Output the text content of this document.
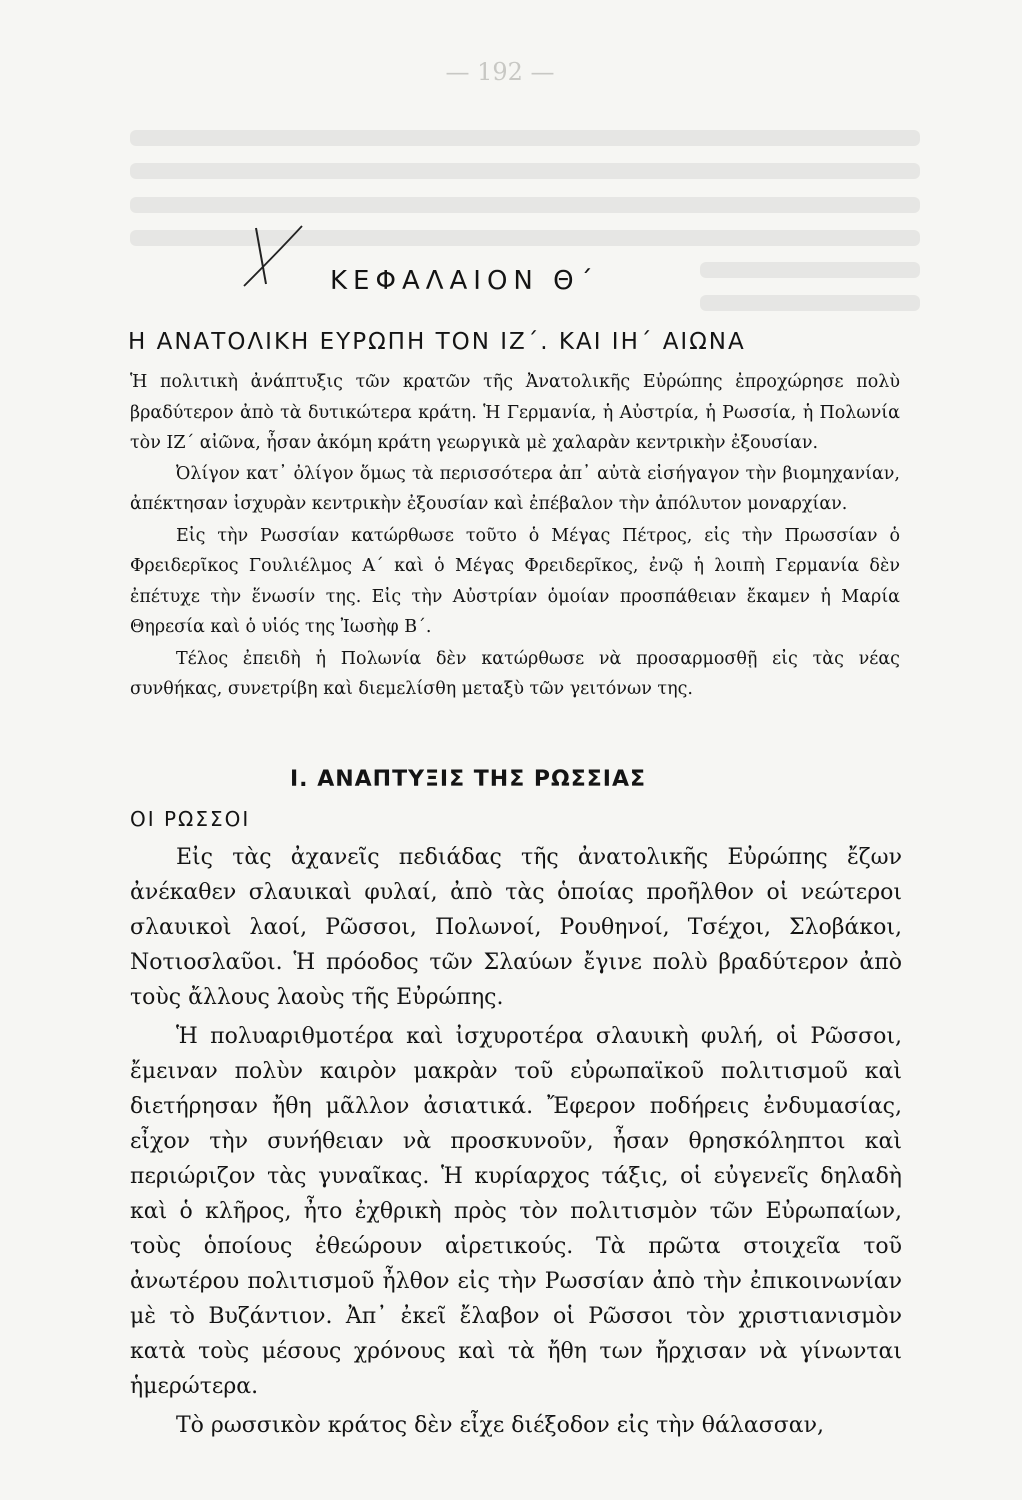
— 192 —
ΚΕΦΑΛΑΙΟΝ Θ΄
Η ΑΝΑΤΟΛΙΚΗ ΕΥΡΩΠΗ ΤΟΝ ΙΖ΄. ΚΑΙ ΙΗ΄ ΑΙΩΝΑ

Ἡ πολιτικὴ ἀνάπτυξις τῶν κρατῶν τῆς Ἀνατολικῆς Εὐρώπης ἐπροχώρησε πολὺ βραδύτερον ἀπὸ τὰ δυτικώτερα κράτη. Ἡ Γερμανία, ἡ Αὐστρία, ἡ Ρωσσία, ἡ Πολωνία τὸν ΙΖ΄ αἰῶνα, ἦσαν ἀκόμη κράτη γεωργικὰ μὲ χαλαρὰν κεντρικὴν ἐξουσίαν.

Ὀλίγον κατ᾿ ὀλίγον ὅμως τὰ περισσότερα ἀπ᾿ αὐτὰ εἰσήγαγον τὴν βιομηχανίαν, ἀπέκτησαν ἰσχυρὰν κεντρικὴν ἐξουσίαν καὶ ἐπέβαλον τὴν ἀπόλυτον μοναρχίαν.

Εἰς τὴν Ρωσσίαν κατώρθωσε τοῦτο ὁ Μέγας Πέτρος, εἰς τὴν Πρωσσίαν ὁ Φρειδερῖκος Γουλιέλμος Α΄ καὶ ὁ Μέγας Φρειδερῖκος, ἐνῷ ἡ λοιπὴ Γερμανία δὲν ἐπέτυχε τὴν ἕνωσίν της. Εἰς τὴν Αὐστρίαν ὁμοίαν προσπάθειαν ἔκαμεν ἡ Μαρία Θηρεσία καὶ ὁ υἱός της Ἰωσὴφ Β΄.

Τέλος ἐπειδὴ ἡ Πολωνία δὲν κατώρθωσε νὰ προσαρμοσθῇ εἰς τὰς νέας συνθήκας, συνετρίβη καὶ διεμελίσθη μεταξὺ τῶν γειτόνων της.

Ι. ΑΝΑΠΤΥΞΙΣ ΤΗΣ ΡΩΣΣΙΑΣ
ΟΙ ΡΩΣΣΟΙ

Εἰς τὰς ἀχανεῖς πεδιάδας τῆς ἀνατολικῆς Εὐρώπης ἔζων ἀνέκαθεν σλαυικαὶ φυλαί, ἀπὸ τὰς ὁποίας προῆλθον οἱ νεώτεροι σλαυικοὶ λαοί, Ρῶσσοι, Πολωνοί, Ρουθηνοί, Τσέχοι, Σλοβάκοι, Νοτιοσλαῦοι. Ἡ πρόοδος τῶν Σλαύων ἔγινε πολὺ βραδύτερον ἀπὸ τοὺς ἄλλους λαοὺς τῆς Εὐρώπης.

Ἡ πολυαριθμοτέρα καὶ ἰσχυροτέρα σλαυικὴ φυλή, οἱ Ρῶσσοι, ἔμειναν πολὺν καιρὸν μακρὰν τοῦ εὐρωπαϊκοῦ πολιτισμοῦ καὶ διετήρησαν ἤθη μᾶλλον ἀσιατικά. Ἔφερον ποδήρεις ἐνδυμασίας, εἶχον τὴν συνήθειαν νὰ προσκυνοῦν, ἦσαν θρησκόληπτοι καὶ περιώριζον τὰς γυναῖκας. Ἡ κυρίαρχος τάξις, οἱ εὐγενεῖς δηλαδὴ καὶ ὁ κλῆρος, ἦτο ἐχθρικὴ πρὸς τὸν πολιτισμὸν τῶν Εὐρωπαίων, τοὺς ὁποίους ἐθεώρουν αἱρετικούς. Τὰ πρῶτα στοιχεῖα τοῦ ἀνωτέρου πολιτισμοῦ ἦλθον εἰς τὴν Ρωσσίαν ἀπὸ τὴν ἐπικοινωνίαν μὲ τὸ Βυζάντιον. Ἀπ᾿ ἐκεῖ ἔλαβον οἱ Ρῶσσοι τὸν χριστιανισμὸν κατὰ τοὺς μέσους χρόνους καὶ τὰ ἤθη των ἤρχισαν νὰ γίνωνται ἡμερώτερα.

Τὸ ρωσσικὸν κράτος δὲν εἶχε διέξοδον εἰς τὴν θάλασσαν,
